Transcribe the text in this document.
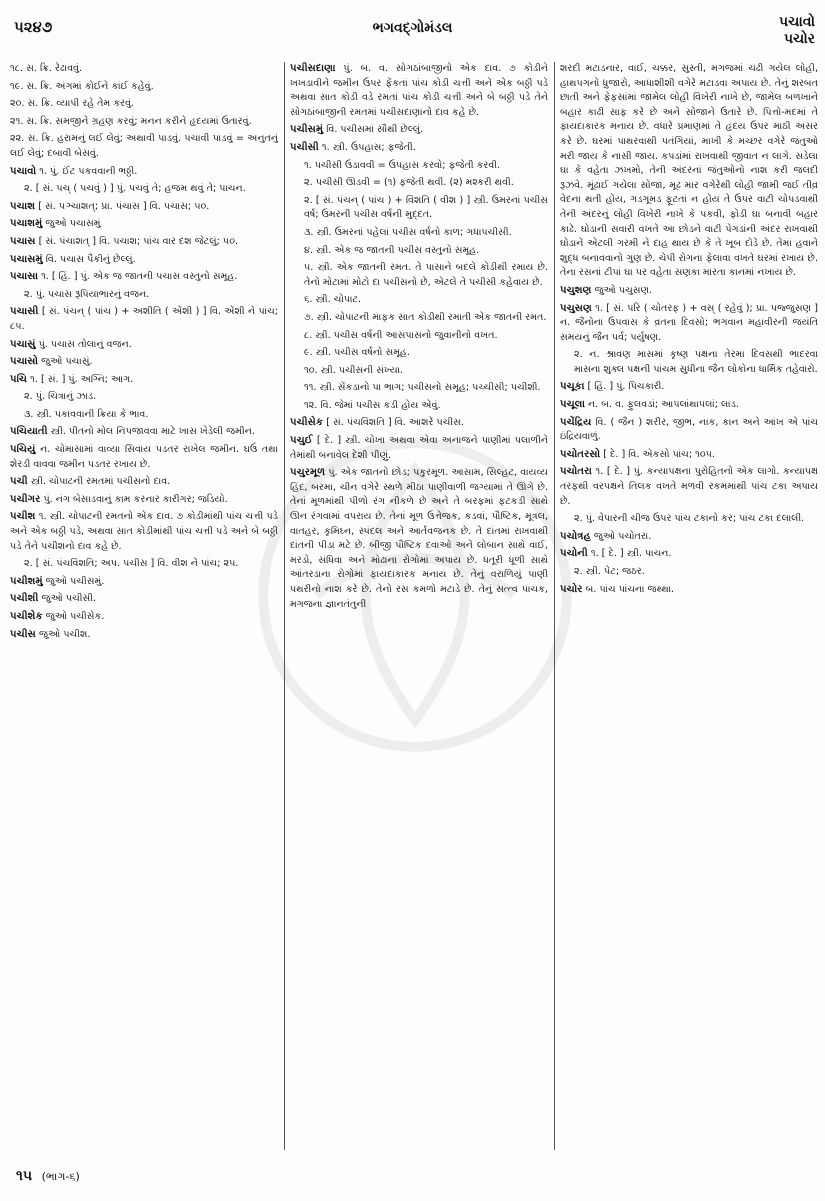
પ૨૪૭	ભગવદ્ગોમંડલ	પચાવો
પચોર

૧૮. સ. ક્રિ. રેઢાવવું.

૧૯. સ. ક્રિ. અંગમાં કોઈને કાંઈ કહેવું.

૨૦. સ. ક્રિ. વ્યાપી રહે તેમ કરવું.

૨૧. સ. ક્રિ. સમજીને ગ્રહણ કરવું; મનન કરીને હૃદયમાં ઉતારવું.

૨૨. સ. ક્રિ. હરામનું લઈ લેવું; અથાવી પાડવું. પચાવી પાડવું = અનુતનું લઈ લેવું; દબાવી બેસવું.

પચાવો ૧. પું. ઈંટ પકવવાની ભઠ્ઠી.

૨. [ સં. પચ્ ( પચવું ) ] પું. પચવું તે; હજમ થવું તે; પાચન.

પચાશ [ સં. પઞ્ચાશત્; પ્રા. પંચાસ ] વિ. પચાસ; ૫૦.

પચાશમું જુઓ પચાસમું

પચાસ [ સં. પંચાશત્ ] વિ. પચાશ; પાંચ વાર દશ જેટલું; ૫૦.

પચાસમું વિ. પચાસ પૈકીનું છેલ્લું.

પચાસા ૧. [ હિં. ] પું. એક જ જાતની પચાસ વસ્તુનો સમૂહ.

૨. પું. પચાસ રૂપિયાભારનું વજન.

પચાસી [ સં. પંચન્ ( પાંચ ) + અશીતિ ( એંશી ) ] વિ. એંશી ને પાંચ; ૮૫.

પચાસું પું. પચાસ તોલાનું વજન.

પચાસો જુઓ પચાસું.

પચિ ૧. [ સં. ] પું. અગ્નિ; આગ.

૨. પું. ચિત્રાનું ઝાડ.

૩. સ્ત્રી. પકાવવાની ક્રિયા કે ભાવ.

પચિયાતી સ્ત્રી. પીતનો મોલ નિપજાવવા માટે ખાસ ખેડેલી જમીન.

પચિયું ન. ચોમાસામાં વાવ્યા સિવાય પડતર રાખેલ જમીન. ઘઉં તથા શેરડી વાવવા જમીન પડતર રખાય છે.

પચી સ્ત્રી. ચોપાટની રમતમાં પચીસનો દાવ.

પચીગર પું. નંગ બેસાડવાનું કામ કરનાર કારીગર; જડિયો.

પચીશ ૧. સ્ત્રી. ચોપાટની રમતનો એક દાવ. ૭ કોડીમાંથી પાંચ ચત્તી પડે અને એક બઠ્ઠી પડે, અથવા સાત કોડીમાંથી પાંચ ચત્તી પડે અને બે બઠ્ઠી પડે તેને પચીશનો દાવ કહે છે.

૨. [ સં. પંચવિંશતિ; અપ. પચીસ ] વિ. વીશ ને પાંચ; ૨૫.

પચીશમું જુઓ પચીસમું.

પચીશી જુઓ પચીસી.

પચીશેક જુઓ પચીસેક.

પચીસ જુઓ પચીશ.

પચીસદાણા પું. બ. વ. સોગઠાંબાજીનો એક દાવ. ૭ કોડીને ખખડાવીને જમીન ઉપર ફેંકતાં પાંચ કોડી ચત્તી અને એક બઠ્ઠી પડે અથવા સાત કોડી વડે રમતાં પાંચ કોડી ચત્તી અને બે બઠ્ઠી પડે તેને સોગઠાંબાજીની રમતમાં પચીસદાણાનો દાવ કહે છે.

પચીસમું વિ. પચીસમાં સૌથી છેલ્લું.

પચીસી ૧. સ્ત્રી. ઉપહાસ; ફજેતી.

૧. પચીસી ઉડાવવી = ઉપહાસ કરવો; ફજેતી કરવી.

૨. પચીસી ઊડવી = (૧) ફજેતી થવી. (૨) મશ્કરી થવી.

૨. [ સં. પંચન્ ( પાંચ ) + વિંશતિ ( વીશ ) ] સ્ત્રી. ઉમરનાં પચીસ વર્ષ; ઉમરની પચીસ વર્ષની મુદ્દત.

૩. સ્ત્રી. ઉમરનાં પહેલાં પચીસ વર્ષનો કાળ; ગધાપચીસી.

૪. સ્ત્રી. એક જ જાતની પચીસ વસ્તુનો સમૂહ.

૫. સ્ત્રી. એક જાતની રમત. તે પાસાને બદલે કોડીથી રમાય છે. તેનો મોટામાં મોટો દા પચીસનો છે, એટલે તે પચીસી કહેવાય છે.

૬. સ્ત્રી. ચોપાટ.

૭. સ્ત્રી. ચોપાટની માફક સાત કોડીથી રમાતી એક જાતની રમત.

૮. સ્ત્રી. પચીસ વર્ષની આસપાસનો જુવાનીનો વખત.

૯. સ્ત્રી. પચીસ વર્ષનો સમૂહ.

૧૦. સ્ત્રી. પચીસની સંખ્યા.

૧૧. સ્ત્રી. સેંકડાનો પા ભાગ; પચીસનો સમૂહ; પચ્ચીસી; પચીશી.

૧૨. વિ. જેમાં પચીસ કડી હોય એવું.

પચીસેક [ સં. પંચવિંશતિ ] વિ. આશરે પચીસ.

પચુઈ [ દે. ] સ્ત્રી. ચોખા અથવા એવા અનાજને પાણીમાં પલાળીને તેમાંથી બનાવેલ દેશી પીણું.

પચુરમૂળ પું. એક જાતનો છોડ; પકુરમૂળ. આસામ, સિલ્હટ, વાયવ્ય હિંદ, બરમા, ચીન વગેરે સ્થળે મીઠા પાણીવાળી જગ્યામાં તે ઊગે છે. તેનાં મૂળમાંથી પીળો રંગ નીકળે છે અને તે બરફમાં ફટકડી સાથે ઊન રંગવામાં વપરાય છે. તેનાં મૂળ ઉત્તેજક, કડવાં, પૌષ્ટિક, મૂત્રલ, વાતહર, કૃમિઘ્ન, સ્પંદલ અને આર્તવજનક છે. તે દાંતમાં રાખવાથી દાંતની પીડા મટે છે. બીજી પૌષ્ટિક દવાઓ અને લોબાન સાથે વાઈ, મરડો, સંધિવા અને મોઢાના રોગોમાં અપાય છે. ધતૂરી ધૂળી સાથે આંતરડાના રોગોમાં ફાયદાકારક મનાય છે. તેનું વરાળિયું પાણી પથરીનો નાશ કરે છે. તેનો રસ કમળો મટાડે છે. તેનું સત્ત્વ પાચક, મગજના જ્ઞાનતંતુની

શરદી મટાડનાર, વાઈ, ચક્કર, સુસ્તી, મગજમાં ચઢી ગયેલ લોહી, હાથપગનો ધ્રુજારો, આધાશીશી વગેરે મટાડવા અપાય છે. તેનું શરબત છાતી અને ફેફસાંમાં જામેલ લોહી વિખેરી નાખે છે, જામેલ બળખાને બહાર કાઢી સાફ કરે છે અને સોજાને ઉતારે છે. પિત્તો-મદમાં તે ફાયદાકારક મનાય છે. વધારે પ્રમાણમાં તે હૃદય ઉપર માઠી અસર કરે છે. ઘરમાં પાથરવાથી પતંગિયાં, માખી કે મચ્છર વગેરે જંતુઓ મરી જાય કે નાસી જાય. કપડાંમાં રાખવાથી જીવાત ન લાગે. સડેલા ઘા કે વહેતા ઝખમો, તેની અંદરનાં જંતુઓનો નાશ કરી જલદી રૂઝવે. મૂંઢાઈ ગયેલા સોજા, મૂઢ માર વગેરેથી લોહી જામી જઈ તીવ્ર વેદના થતી હોય, ગડગૂમડ ફૂટતાં ન હોય તે ઉપર વાટી ચોપડવાથી તેની અંદરનું લોહી વિખેરી નાખે કે પકવી, ફોડી ઘા બનાવી બહાર કાઢે. ઘોડાની સવારી વખતે આ છોડને વાટી પેગડાંની અંદર રાખવાથી ઘોડાને એટલી ગરમી ને દાહ થાય છે કે તે ખૂબ દોડે છે. તેમાં હવાને શુદ્ધ બનાવવાનો ગુણ છે. ચેપી રોગના ફેલાવા વખતે ઘરમાં રખાય છે. તેના રસનાં ટીપાં ઘા પર વહેતા સણકા મારતા કાનમાં નખાય છે.

પચુશણ જુઓ પચુસણ.

પચુસણ ૧. [ સં. પરિ ( ચોતરફ ) + વસ્ ( રહેવું ); પ્રા. પજ્જુસણ ] ન. જૈનોના ઉપવાસ કે વ્રતના દિવસો; ભગવાન મહાવીરની જયંતિ સમયનું જૈન પર્વ; પર્યુષણ.

૨. ન. શ્રાવણ માસમાં કૃષ્ણ પક્ષના તેરમા દિવસથી ભાદરવા માસના શુક્લ પક્ષની પાંચમ સુધીના જૈન લોકોના ધાર્મિક તહેવારો.

પચૂકા [ હિં. ] પું. પિચકારી.

પચૂલા ન. બ. વ. ફુલવડાં; આપલાંથાપલાં; લાડ.

પચેંદ્રિય વિ. ( જૈન ) શરીર, જીભ, નાક, કાન અને આંખ એ પાંચ ઇંદ્રિયવાળું.

પચોતરસો [ દે. ] વિ. એકસો પાંચ; ૧૦૫.

પચોતરા ૧. [ દે. ] પું. કન્યાપક્ષના પુરોહિતનો એક લાગો. કન્યાપક્ષ તરફથી વરપક્ષને તિલક વખતે મળવી રકમમાંથી પાંચ ટકા અપાય છે.

૨. પું. વેપારની ચીજ ઉપર પાંચ ટકાનો કર; પાંચ ટકા દલાલી.

પચોત્રહ જુઓ પચોતરા.

પચોની ૧. [ દે. ] સ્ત્રી. પાચન.

૨. સ્ત્રી. પેટ; જઠર.

પચોર બ. પાંચ પાંચના જથ્થા.

૧૫ (ભાગ-૬)
